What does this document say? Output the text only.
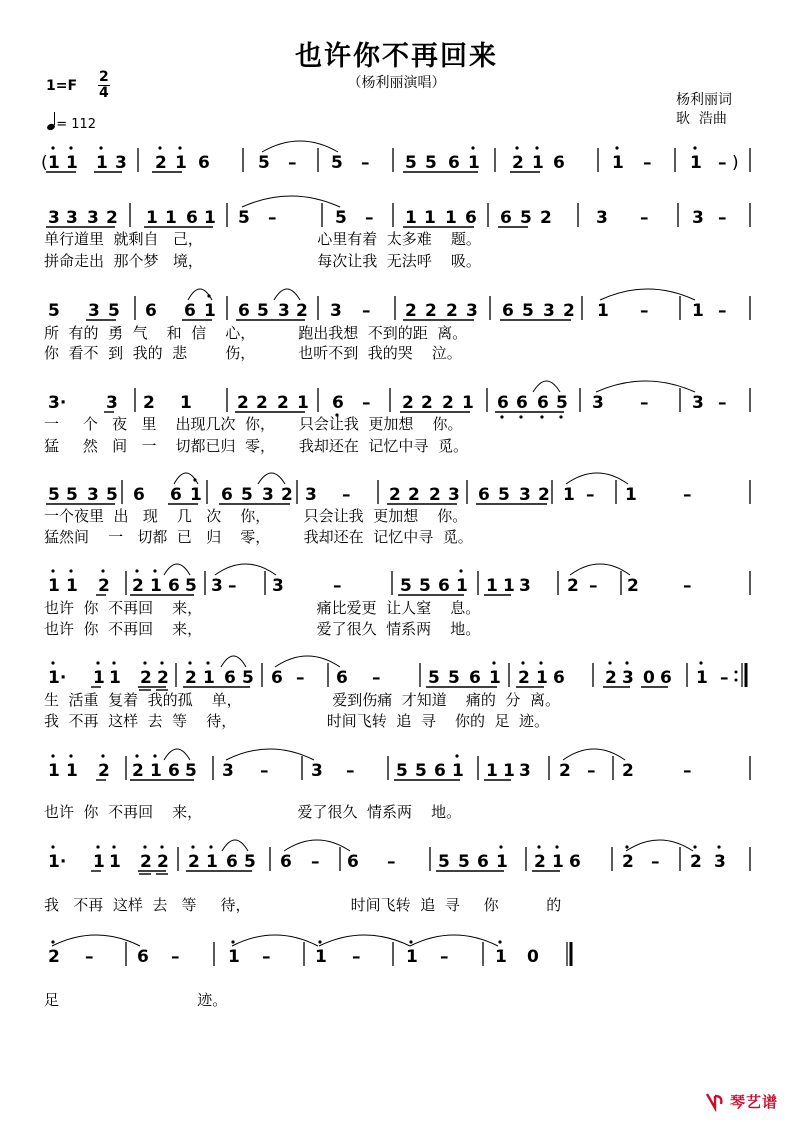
也许你不再回来
（杨利丽演唱）
杨利丽词
耿  浩曲
1=F
2
4
= 112
1 1 1 3 2 1 6	5 – 5 – 5 5 6 1 2 1 6	1 – 1 –
(	)
3 3 3 2 1 1 6 1 5 –	5 – 1 1 1 6 6 5 2	3 –	3 –
5 3 5 6 6 1 6 5 3 2 3 – 2 2 2 3 6 5 3 2 1 –	1 –
3· 3 2 1	2 2 2 1 6 – 2 2 2 1 6 6 6 5 3 –	3 –
5 5 3 5 6 6 1 6 5 3 2 3 – 2 2 2 3 6 5 3 2 1 – 1	–
1 1 2 2 1 6 5 3 – 3	–	5 5 6 1 1 1 3 2 – 2	–
1· 1 1 2 2 2 1 6 5 6 – 6 –	5 5 6 1 2 1 6 2 3 0 6 1 –
1 1 2 2 1 6 5 3 –	3 – 5 5 6 1 1 1 3 2 – 2	–
1· 1 1 2 2 2 1 6 5 6 – 6 –	5 5 6 1 2 1 6 2 – 2 3
2 –	6 –	1 –	1 –	1 –	1 0
单行道里  就剩自   己，                        心里有着  太多难    题。
拼命走出  那个梦   境，                        每次让我  无法呼    吸。
所  有的  勇  气    和  信    心，         跑出我想  不到的距  离。
你  看不  到  我的  悲        伤，         也听不到  我的哭    泣。
一     个   夜   里    出现几次  你，     只会让我  更加想    你。
猛     然   间   一    切都已归  零，     我却还在  记忆中寻  觅。
一个夜里  出   现    几   次    你，       只会让我  更加想    你。
猛然间    一   切都  已   归    零，       我却还在  记忆中寻  觅。
也许  你  不再回    来，                        痛比爱更  让人窒    息。
也许  你  不再回    来，                        爱了很久  情系两    地。
生  活重  复着  我的孤    单，                   爱到伤痛  才知道    痛的  分  离。
我  不再  这样  去  等    待，                   时间飞转  追  寻    你的  足  迹。
也许  你  不再回    来，                    爱了很久  情系两    地。
我   不再  这样  去   等     待，                     时间飞转  追  寻     你          的
足                             迹。
琴艺谱
